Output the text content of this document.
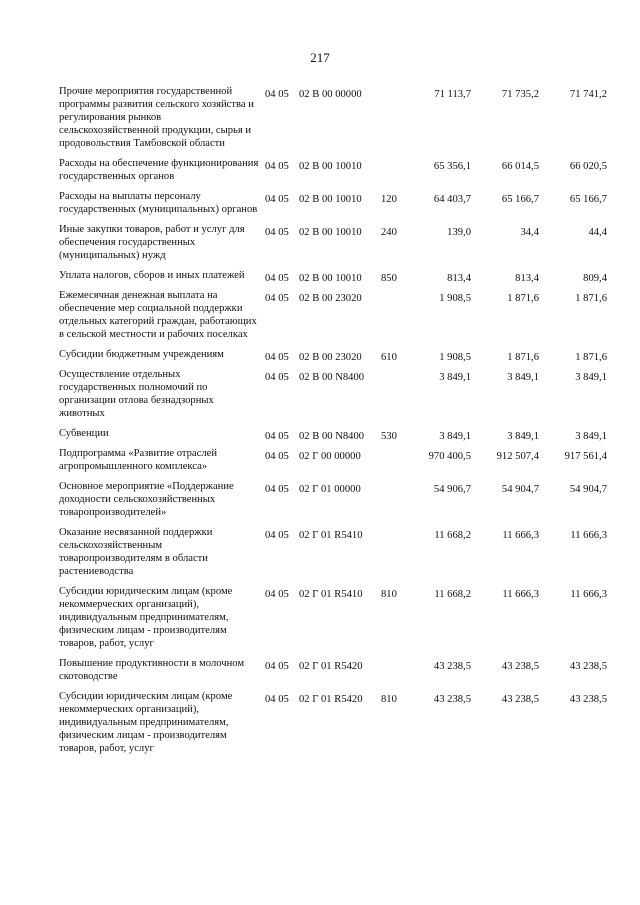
217
Прочие мероприятия государственной программы развития сельского хозяйства и регулирования рынков сельскохозяйственной продукции, сырья и продовольствия Тамбовской области
04 05 02 В 00 00000	71 113,7	71 735,2	71 741,2
Расходы на обеспечение функционирования государственных органов
04 05 02 В 00 10010	65 356,1	66 014,5	66 020,5
Расходы на выплаты персоналу государственных (муниципальных) органов
04 05 02 В 00 10010 120	64 403,7	65 166,7	65 166,7
Иные закупки товаров, работ и услуг для обеспечения государственных (муниципальных) нужд
04 05 02 В 00 10010 240	139,0	34,4	44,4
Уплата налогов, сборов и иных платежей	04 05 02 В 00 10010 850	813,4	813,4	809,4
Ежемесячная денежная выплата на обеспечение мер социальной поддержки отдельных категорий граждан, работающих в сельской местности и рабочих поселках
04 05 02 В 00 23020	1 908,5	1 871,6	1 871,6
Субсидии бюджетным учреждениям	04 05 02 В 00 23020 610	1 908,5	1 871,6	1 871,6
Осуществление отдельных государственных полномочий по организации отлова безнадзорных животных
04 05 02 В 00 N8400	3 849,1	3 849,1	3 849,1
Субвенции	04 05 02 В 00 N8400 530	3 849,1	3 849,1	3 849,1
Подпрограмма «Развитие отраслей агропромышленного комплекса»
04 05 02 Г 00 00000	970 400,5	912 507,4	917 561,4
Основное мероприятие «Поддержание доходности сельскохозяйственных товаропроизводителей»
04 05 02 Г 01 00000	54 906,7	54 904,7	54 904,7
Оказание несвязанной поддержки сельскохозяйственным товаропроизводителям в области растениеводства
04 05 02 Г 01 R5410	11 668,2	11 666,3	11 666,3
Субсидии юридическим лицам (кроме некоммерческих организаций), индивидуальным предпринимателям, физическим лицам - производителям товаров, работ, услуг
04 05 02 Г 01 R5410 810	11 668,2	11 666,3	11 666,3
Повышение продуктивности в молочном скотоводстве
04 05 02 Г 01 R5420	43 238,5	43 238,5	43 238,5
Субсидии юридическим лицам (кроме некоммерческих организаций), индивидуальным предпринимателям, физическим лицам - производителям товаров, работ, услуг
04 05 02 Г 01 R5420 810	43 238,5	43 238,5	43 238,5
